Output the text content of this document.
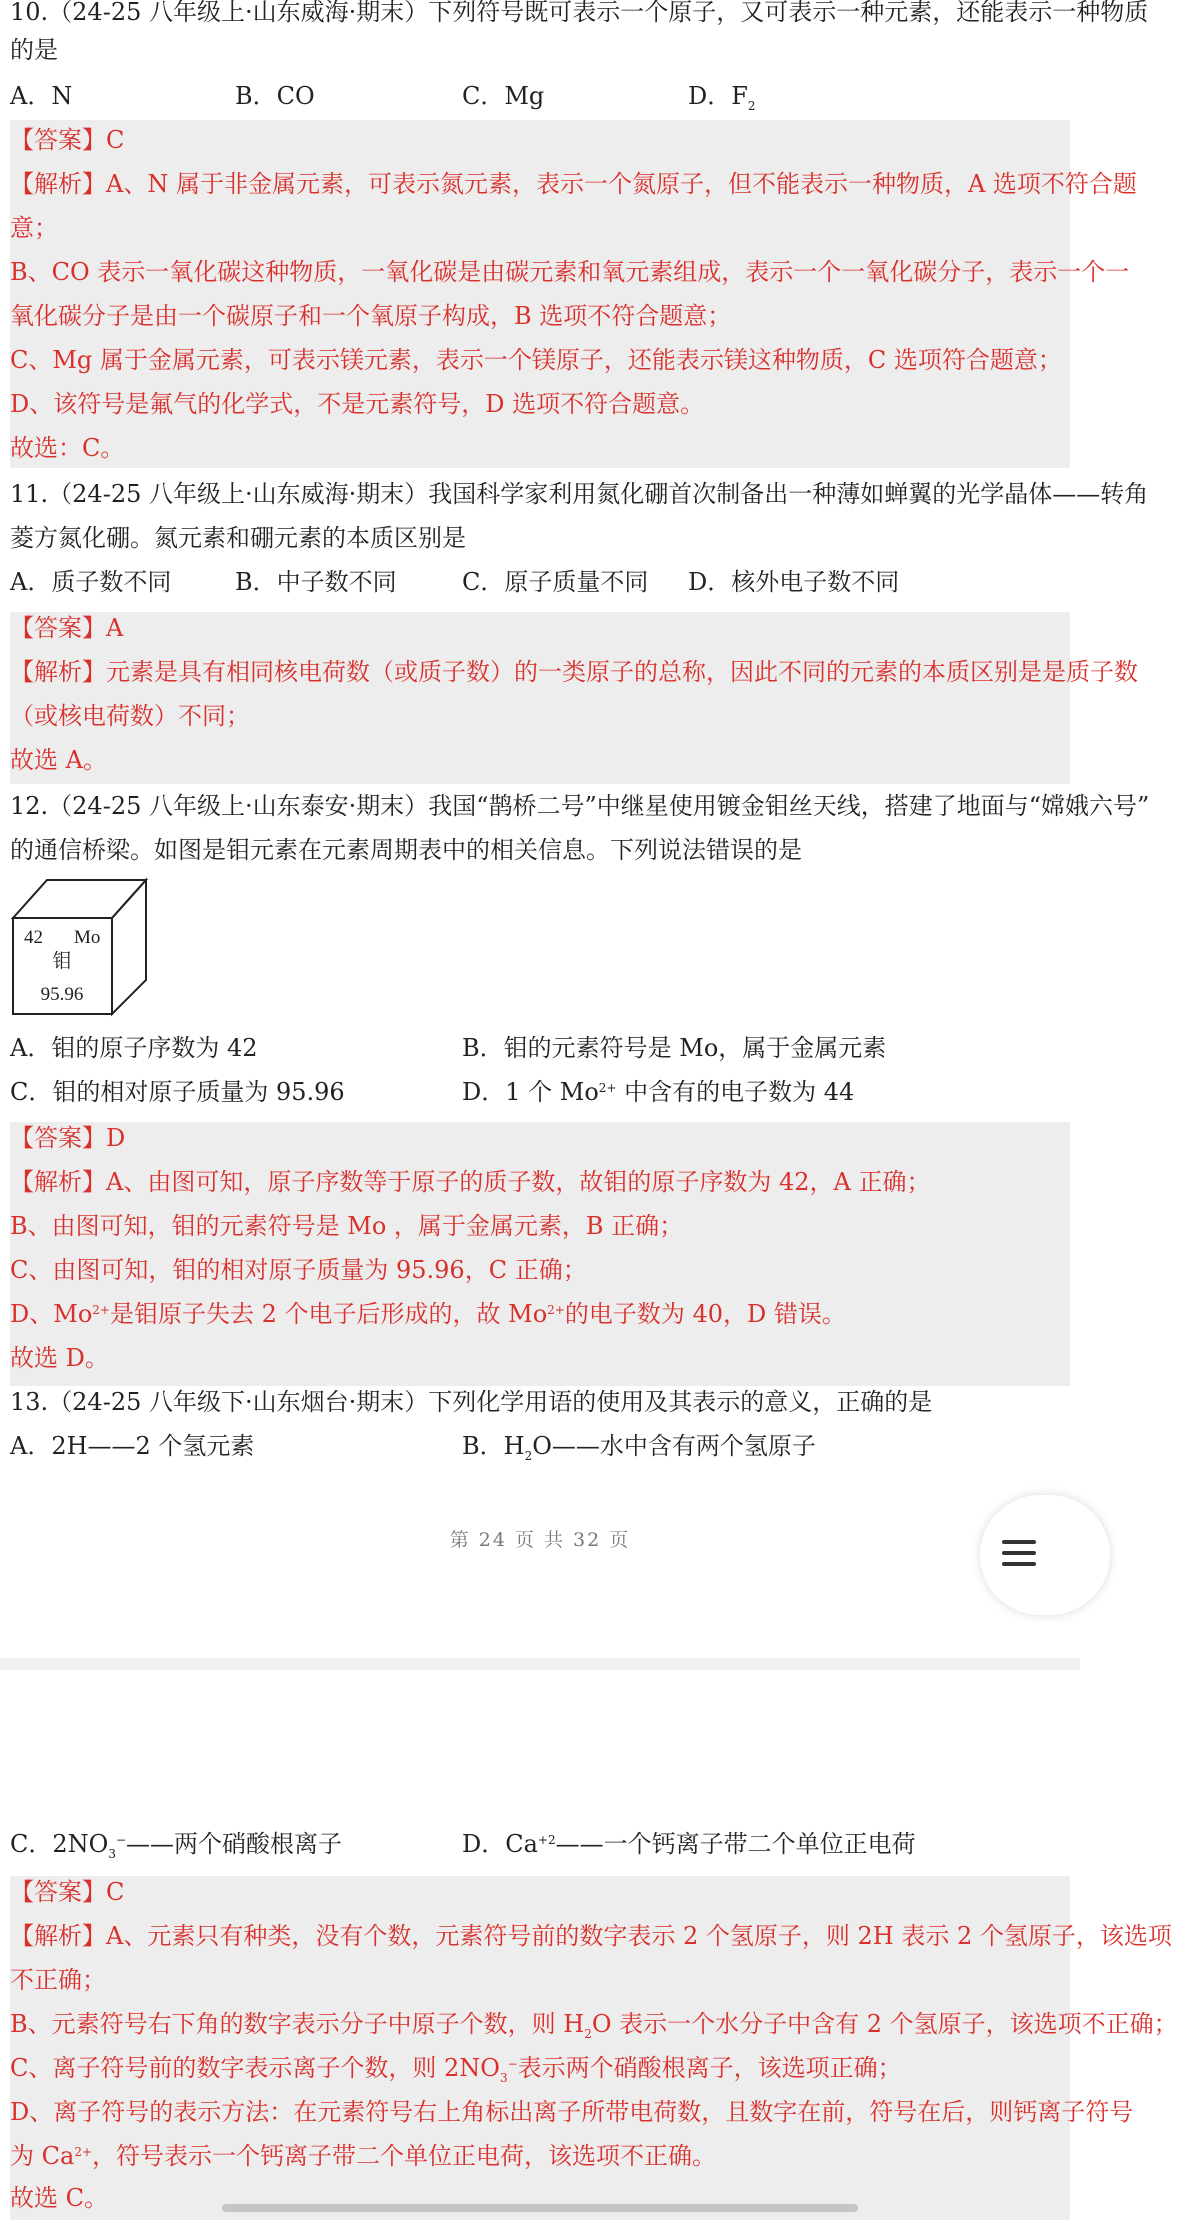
10.（24-25 八年级上·山东威海·期末）下列符号既可表示一个原子，又可表示一种元素，还能表示一种物质
的是
A．N	B．CO	C．Mg	D．$F_2$
【答案】C
【解析】A、N 属于非金属元素，可表示氮元素，表示一个氮原子，但不能表示一种物质，A 选项不符合题
意；
B、CO 表示一氧化碳这种物质，一氧化碳是由碳元素和氧元素组成，表示一个一氧化碳分子，表示一个一
氧化碳分子是由一个碳原子和一个氧原子构成，B 选项不符合题意；
C、Mg 属于金属元素，可表示镁元素，表示一个镁原子，还能表示镁这种物质，C 选项符合题意；
D、该符号是氟气的化学式，不是元素符号，D 选项不符合题意。
故选：C。
11.（24-25 八年级上·山东威海·期末）我国科学家利用氮化硼首次制备出一种薄如蝉翼的光学晶体——转角
菱方氮化硼。氮元素和硼元素的本质区别是
A．质子数不同	B．中子数不同	C．原子质量不同 D．核外电子数不同
【答案】A
【解析】元素是具有相同核电荷数（或质子数）的一类原子的总称，因此不同的元素的本质区别是是质子数
（或核电荷数）不同；
故选 A。
12.（24-25 八年级上·山东泰安·期末）我国“鹊桥二号”中继星使用镀金钼丝天线，搭建了地面与“嫦娥六号”
的通信桥梁。如图是钼元素在元素周期表中的相关信息。下列说法错误的是
42 Mo
钼
95.96
A．钼的原子序数为 42	B．钼的元素符号是 Mo，属于金属元素
C．钼的相对原子质量为 95.96	D．1 个 $Mo^{2+}$ 中含有的电子数为 44
【答案】D
【解析】A、由图可知，原子序数等于原子的质子数，故钼的原子序数为 42，A 正确；
B、由图可知，钼的元素符号是 Mo ，属于金属元素，B 正确；
C、由图可知，钼的相对原子质量为 95.96，C 正确；
D、$Mo^{2+}$是钼原子失去 2 个电子后形成的，故 $Mo^{2+}$的电子数为 40，D 错误。
故选 D。
13.（24-25 八年级下·山东烟台·期末）下列化学用语的使用及其表示的意义，正确的是
A．2H——2 个氢元素	B．$H_2O——$水中含有两个氢原子
第 24 页 共 32 页
C．$2NO_3^-——$两个硝酸根离子	D．$Ca^{+2}——$一个钙离子带二个单位正电荷
【答案】C
【解析】A、元素只有种类，没有个数，元素符号前的数字表示 2 个氢原子，则 2H 表示 2 个氢原子，该选项
不正确；
B、元素符号右下角的数字表示分子中原子个数，则 $H_2O$ 表示一个水分子中含有 2 个氢原子，该选项不正确；
C、离子符号前的数字表示离子个数，则 $2NO_3^-$表示两个硝酸根离子，该选项正确；
D、离子符号的表示方法：在元素符号右上角标出离子所带电荷数，且数字在前，符号在后，则钙离子符号
为 $Ca^{2+}$，符号表示一个钙离子带二个单位正电荷，该选项不正确。
故选 C。
